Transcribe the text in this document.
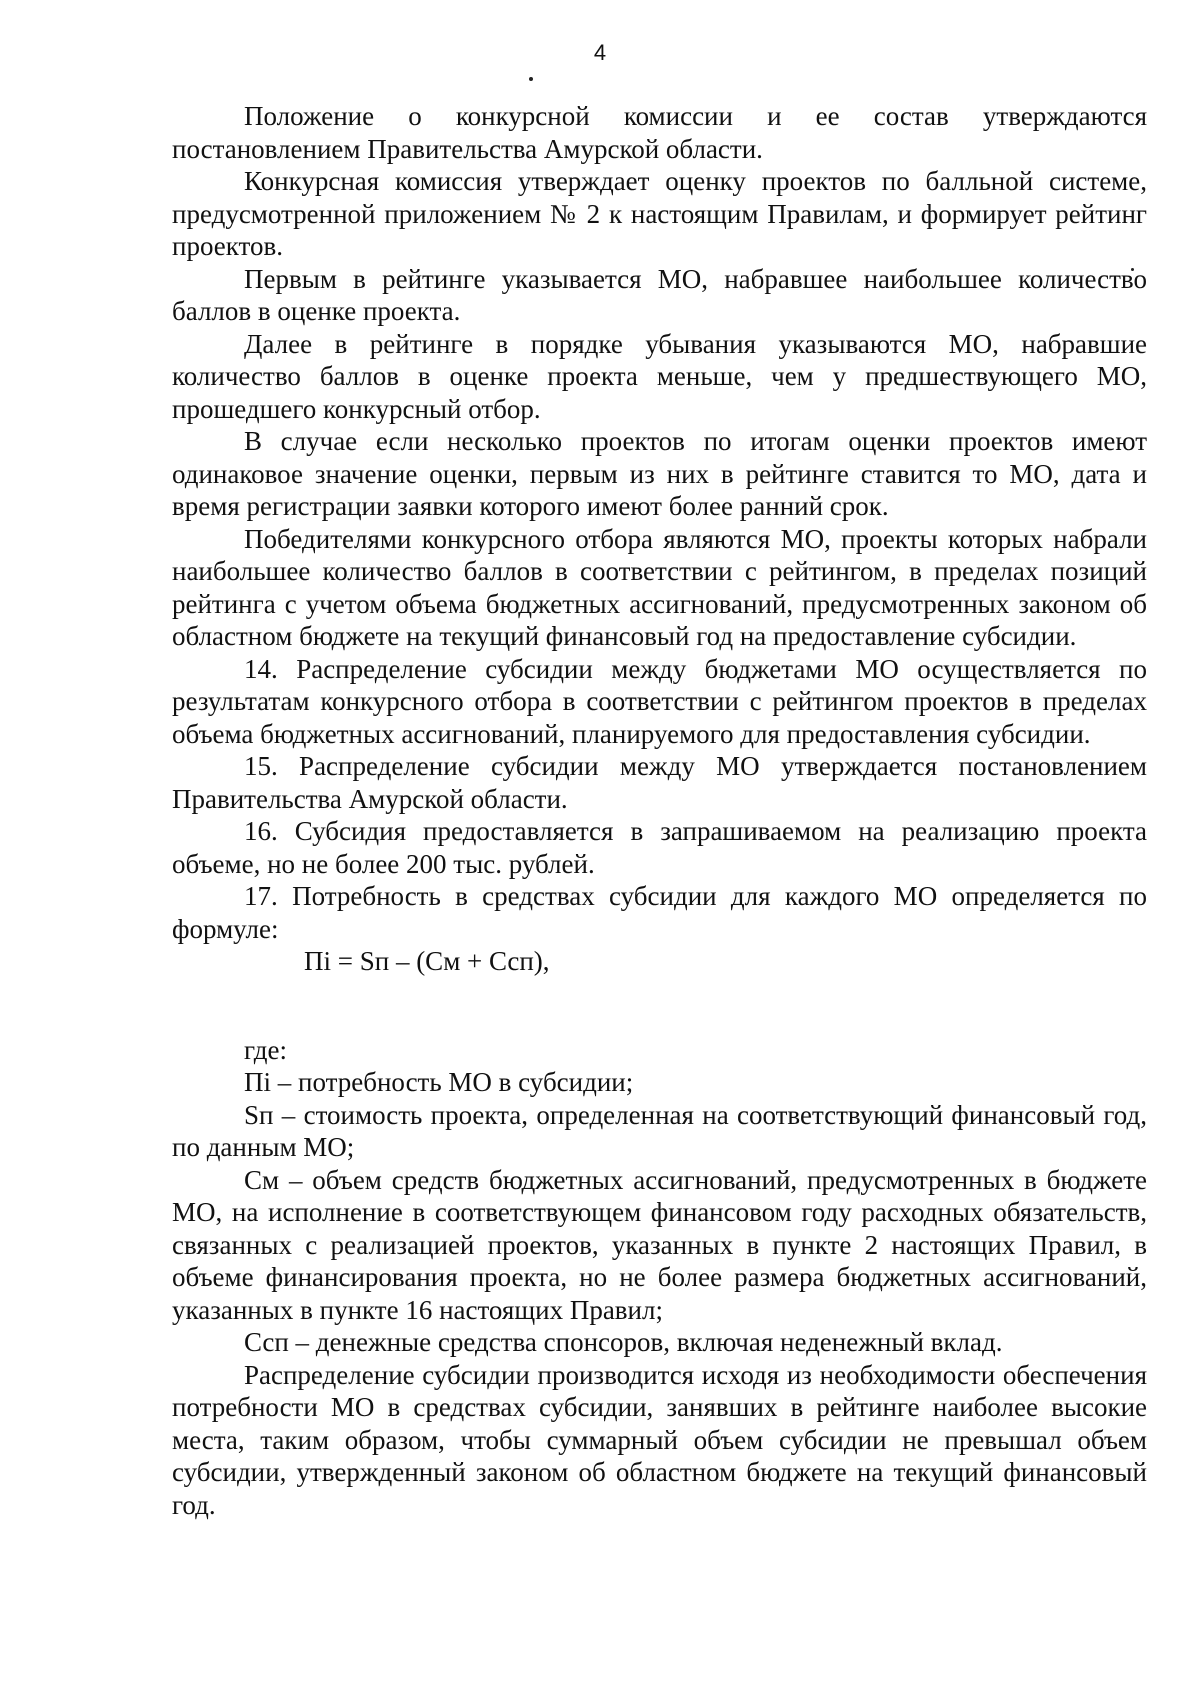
4

Положение о конкурсной комиссии и ее состав утверждаются постановлением Правительства Амурской области.

Конкурсная комиссия утверждает оценку проектов по балльной системе, предусмотренной приложением № 2 к настоящим Правилам, и формирует рейтинг проектов.

Первым в рейтинге указывается МО, набравшее наибольшее количество баллов в оценке проекта.

Далее в рейтинге в порядке убывания указываются МО, набравшие количество баллов в оценке проекта меньше, чем у предшествующего МО, прошедшего конкурсный отбор.

В случае если несколько проектов по итогам оценки проектов имеют одинаковое значение оценки, первым из них в рейтинге ставится то МО, дата и время регистрации заявки которого имеют более ранний срок.

Победителями конкурсного отбора являются МО, проекты которых набрали наибольшее количество баллов в соответствии с рейтингом, в пределах позиций рейтинга с учетом объема бюджетных ассигнований, предусмотренных законом об областном бюджете на текущий финансовый год на предоставление субсидии.

14. Распределение субсидии между бюджетами МО осуществляется по результатам конкурсного отбора в соответствии с рейтингом проектов в пределах объема бюджетных ассигнований, планируемого для предоставления субсидии.

15. Распределение субсидии между МО утверждается постановлением Правительства Амурской области.

16. Субсидия предоставляется в запрашиваемом на реализацию проекта объеме, но не более 200 тыс. рублей.

17. Потребность в средствах субсидии для каждого МО определяется по формуле:

Пi = Sп – (См + Ссп),

где:

Пi – потребность МО в субсидии;

Sп – стоимость проекта, определенная на соответствующий финансовый год, по данным МО;

См – объем средств бюджетных ассигнований, предусмотренных в бюджете МО, на исполнение в соответствующем финансовом году расходных обязательств, связанных с реализацией проектов, указанных в пункте 2 настоящих Правил, в объеме финансирования проекта, но не более размера бюджетных ассигнований, указанных в пункте 16 настоящих Правил;

Ссп – денежные средства спонсоров, включая неденежный вклад.

Распределение субсидии производится исходя из необходимости обеспечения потребности МО в средствах субсидии, занявших в рейтинге наиболее высокие места, таким образом, чтобы суммарный объем субсидии не превышал объем субсидии, утвержденный законом об областном бюджете на текущий финансовый год.
